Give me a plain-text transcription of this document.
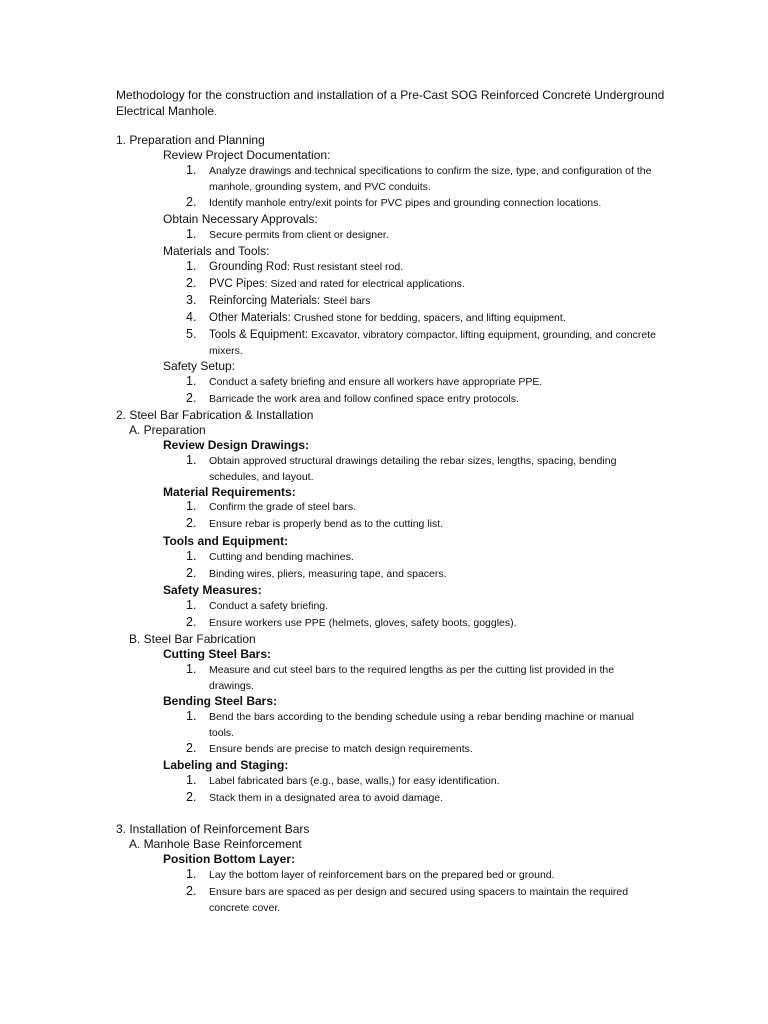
Methodology for the construction and installation of a Pre-Cast SOG Reinforced Concrete Underground Electrical Manhole.
1. Preparation and Planning
Review Project Documentation:
1. Analyze drawings and technical specifications to confirm the size, type, and configuration of the manhole, grounding system, and PVC conduits.
2. Identify manhole entry/exit points for PVC pipes and grounding connection locations.
Obtain Necessary Approvals:
1. Secure permits from client or designer.
Materials and Tools:
1. Grounding Rod: Rust resistant steel rod.
2. PVC Pipes: Sized and rated for electrical applications.
3. Reinforcing Materials: Steel bars
4. Other Materials: Crushed stone for bedding, spacers, and lifting equipment.
5. Tools & Equipment: Excavator, vibratory compactor, lifting equipment, grounding, and concrete mixers.
Safety Setup:
1. Conduct a safety briefing and ensure all workers have appropriate PPE.
2. Barricade the work area and follow confined space entry protocols.
2. Steel Bar Fabrication & Installation
A. Preparation
Review Design Drawings:
1. Obtain approved structural drawings detailing the rebar sizes, lengths, spacing, bending schedules, and layout.
Material Requirements:
1. Confirm the grade of steel bars.
2. Ensure rebar is properly bend as to the cutting list.
Tools and Equipment:
1. Cutting and bending machines.
2. Binding wires, pliers, measuring tape, and spacers.
Safety Measures:
1. Conduct a safety briefing.
2. Ensure workers use PPE (helmets, gloves, safety boots, goggles).
B. Steel Bar Fabrication
Cutting Steel Bars:
1. Measure and cut steel bars to the required lengths as per the cutting list provided in the drawings.
Bending Steel Bars:
1. Bend the bars according to the bending schedule using a rebar bending machine or manual tools.
2. Ensure bends are precise to match design requirements.
Labeling and Staging:
1. Label fabricated bars (e.g., base, walls,) for easy identification.
2. Stack them in a designated area to avoid damage.
3. Installation of Reinforcement Bars
A. Manhole Base Reinforcement
Position Bottom Layer:
1. Lay the bottom layer of reinforcement bars on the prepared bed or ground.
2. Ensure bars are spaced as per design and secured using spacers to maintain the required concrete cover.
